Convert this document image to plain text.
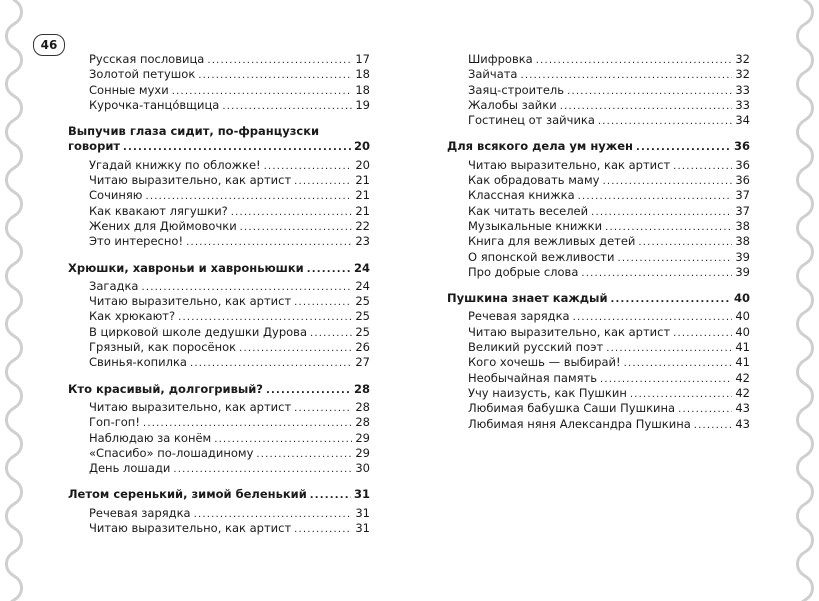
46
Русская пословица .....	17
Золотой петушок .....	18
Сонные мухи .....	18
Курочка-танцо́вщица .....	19
Выпучив глаза сидит, по-французски
говорит .....	20
Угадай книжку по обложке! .....	20
Читаю выразительно, как артист .....	21
Сочиняю .....	21
Как квакают лягушки? .....	21
Жених для Дюймовочки .....	22
Это интересно! .....	23
Хрюшки, хавроньи и хавроньюшки .....	24
Загадка .....	24
Читаю выразительно, как артист .....	25
Как хрюкают? .....	25
В цирковой школе дедушки Дурова .....	25
Грязный, как поросёнок .....	26
Свинья-копилка .....	27
Кто красивый, долгогривый? .....	28
Читаю выразительно, как артист .....	28
Гоп-гоп! .....	28
Наблюдаю за конём .....	29
«Спасибо» по-лошадиному .....	29
День лошади .....	30
Летом серенький, зимой беленький .....	31
Речевая зарядка .....	31
Читаю выразительно, как артист .....	31
Шифровка .....	32
Зайчата .....	32
Заяц-строитель .....	33
Жалобы зайки .....	33
Гостинец от зайчика .....	34
Для всякого дела ум нужен .....	36
Читаю выразительно, как артист .....	36
Как обрадовать маму .....	36
Классная книжка .....	37
Как читать веселей .....	37
Музыкальные книжки .....	38
Книга для вежливых детей .....	38
О японской вежливости .....	39
Про добрые слова .....	39
Пушкина знает каждый .....	40
Речевая зарядка .....	40
Читаю выразительно, как артист .....	40
Великий русский поэт .....	41
Кого хочешь — выбирай! .....	41
Необычайная память .....	42
Учу наизусть, как Пушкин .....	42
Любимая бабушка Саши Пушкина .....	43
Любимая няня Александра Пушкина .....	43
